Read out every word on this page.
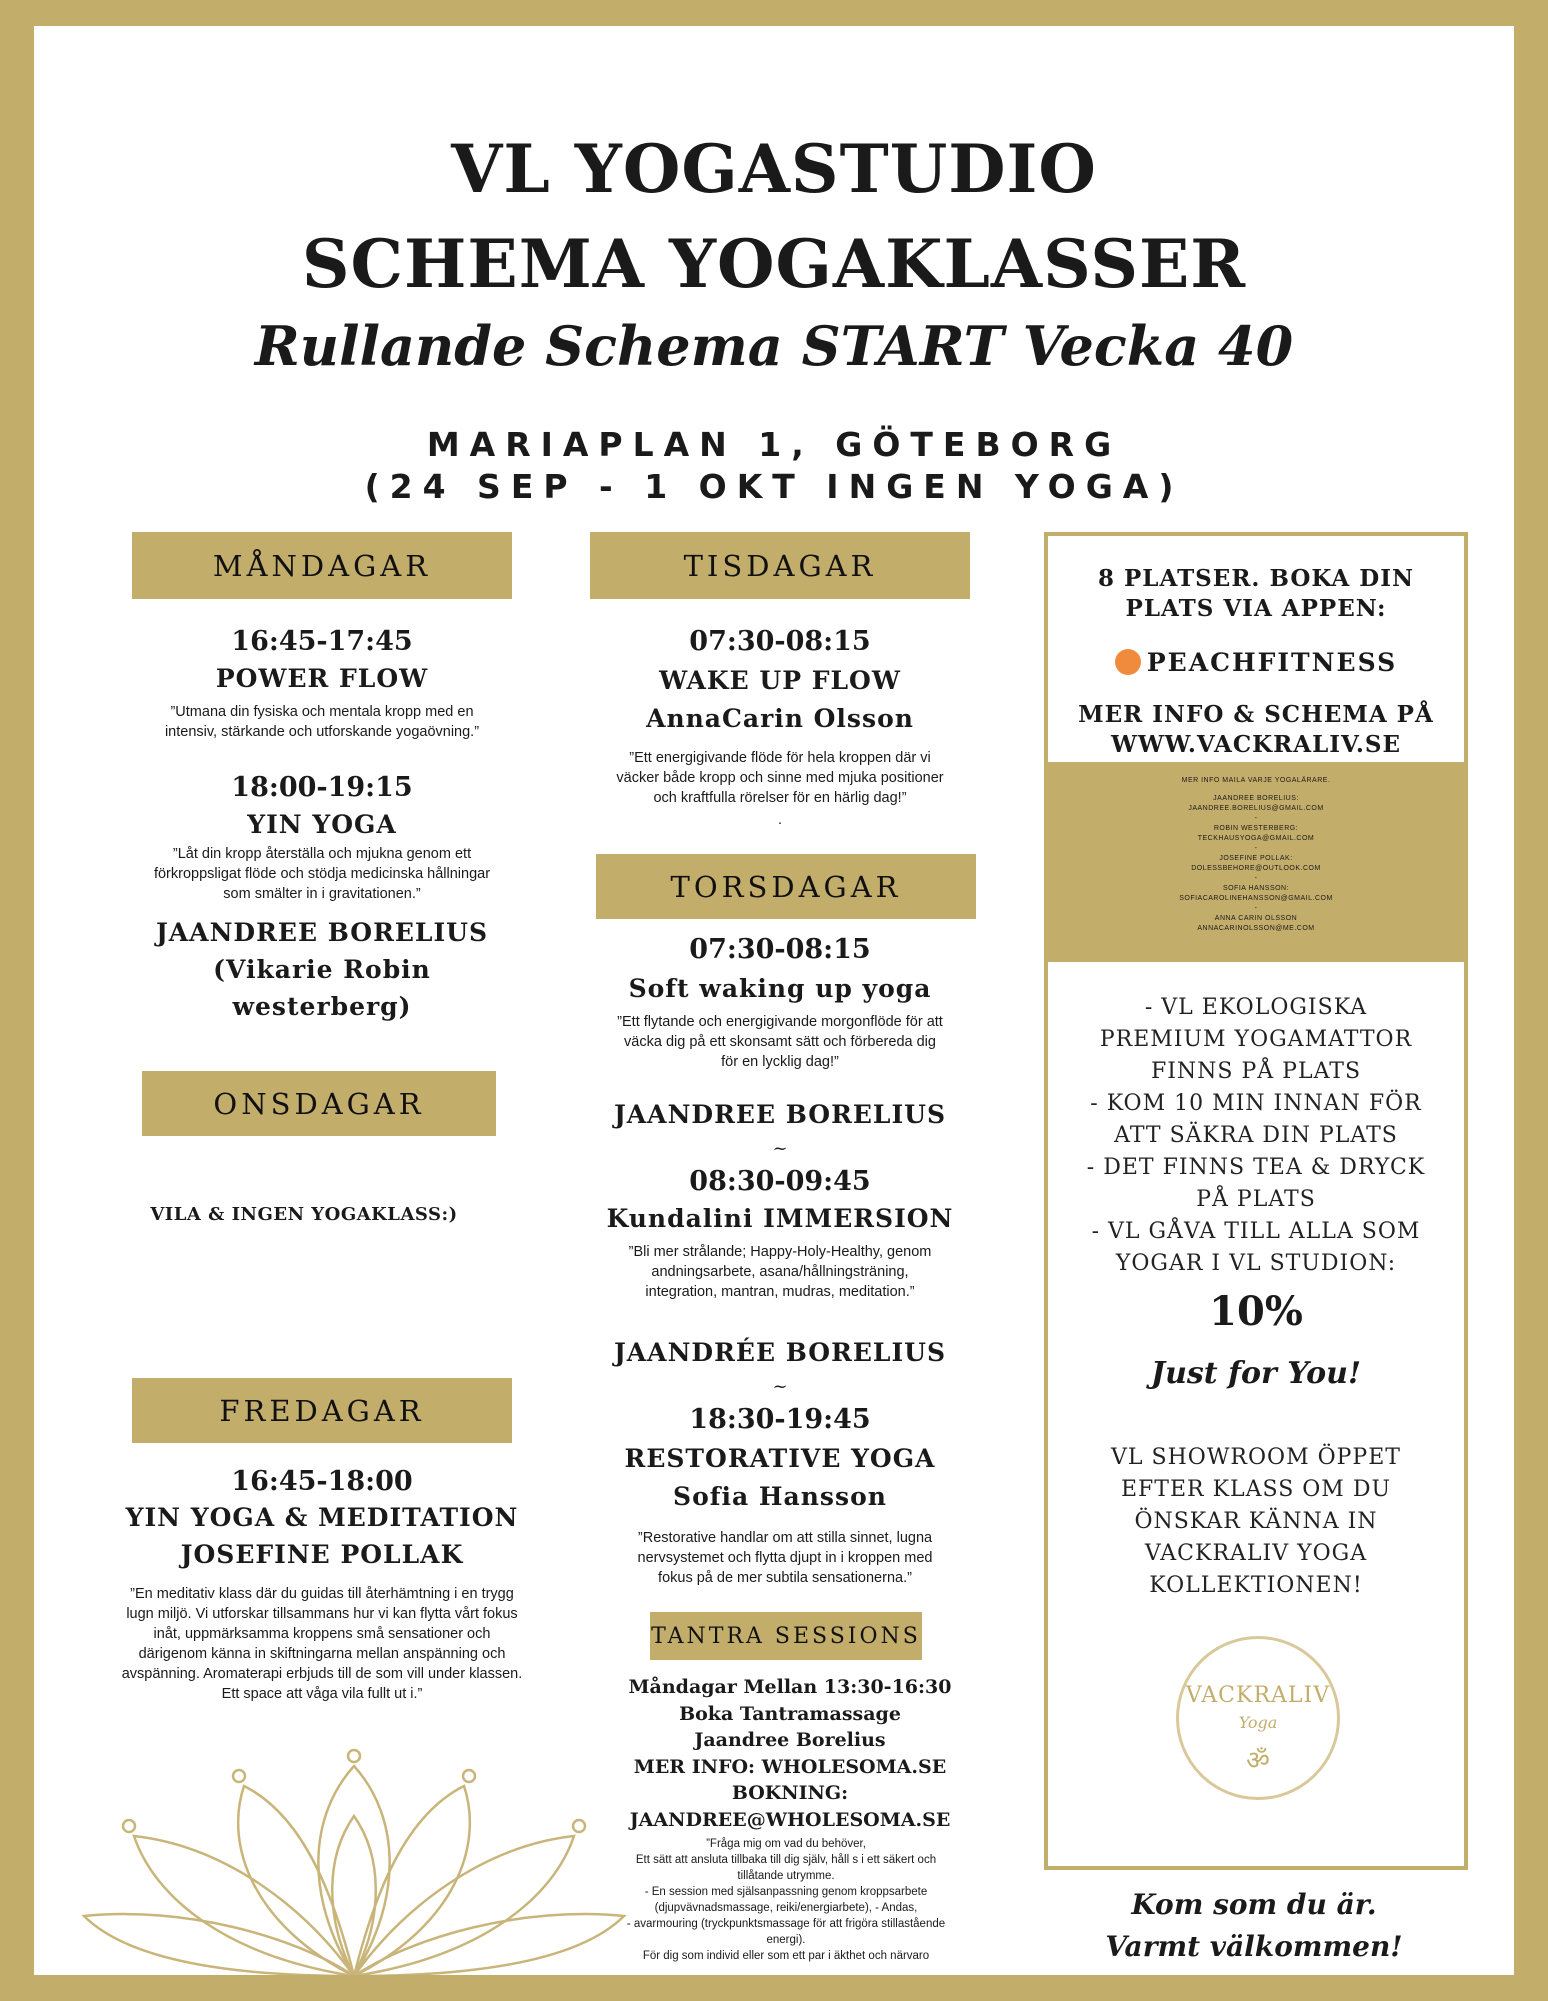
VL YOGASTUDIO
SCHEMA YOGAKLASSER
Rullande Schema START Vecka 40
MARIAPLAN 1, GÖTEBORG
(24 SEP - 1 OKT INGEN YOGA)
MÅNDAGAR
16:45-17:45
POWER FLOW
”Utmana din fysiska och mentala kropp med en intensiv, stärkande och utforskande yogaövning.”
18:00-19:15
YIN YOGA
”Låt din kropp återställa och mjukna genom ett förkroppsligat flöde och stödja medicinska hållningar som smälter in i gravitationen.”
JAANDREE BORELIUS
(Vikarie Robin
westerberg)
ONSDAGAR
VILA & INGEN YOGAKLASS:)
FREDAGAR
16:45-18:00
YIN YOGA & MEDITATION
JOSEFINE POLLAK
”En meditativ klass där du guidas till återhämtning i en trygg lugn miljö. Vi utforskar tillsammans hur vi kan flytta vårt fokus inåt, uppmärksamma kroppens små sensationer och därigenom känna in skiftningarna mellan anspänning och avspänning. Aromaterapi erbjuds till de som vill under klassen. Ett space att våga vila fullt ut i.”
TISDAGAR
07:30-08:15
WAKE UP FLOW
AnnaCarin Olsson
”Ett energigivande flöde för hela kroppen där vi väcker både kropp och sinne med mjuka positioner och kraftfulla rörelser för en härlig dag!”
.
TORSDAGAR
07:30-08:15
Soft waking up yoga
”Ett flytande och energigivande morgonflöde för att väcka dig på ett skonsamt sätt och förbereda dig för en lycklig dag!”
JAANDREE BORELIUS
~
08:30-09:45
Kundalini IMMERSION
”Bli mer strålande; Happy-Holy-Healthy, genom andningsarbete, asana/hållningsträning, integration, mantran, mudras, meditation.”
JAANDRÉE BORELIUS
~
18:30-19:45
RESTORATIVE YOGA
Sofia Hansson
”Restorative handlar om att stilla sinnet, lugna nervsystemet och flytta djupt in i kroppen med fokus på de mer subtila sensationerna.”
TANTRA SESSIONS
Måndagar Mellan 13:30-16:30
Boka Tantramassage
Jaandree Borelius
MER INFO: WHOLESOMA.SE
BOKNING:
JAANDREE@WHOLESOMA.SE
”Fråga mig om vad du behöver,
Ett sätt att ansluta tillbaka till dig själv, håll s i ett säkert och tillåtande utrymme.
- En session med själsanpassning genom kroppsarbete (djupvävnadsmassage, reiki/energiarbete), - Andas,
- avarmouring (tryckpunktsmassage för att frigöra stillastående energi).
För dig som individ eller som ett par i äkthet och närvaro
8 PLATSER. BOKA DIN
PLATS VIA APPEN:
PEACHFITNESS
MER INFO & SCHEMA PÅ
WWW.VACKRALIV.SE
MER INFO MAILA VARJE YOGALÄRARE.
JAANDREE BORELIUS:
JAANDREE.BORELIUS@GMAIL.COM
-
ROBIN WESTERBERG:
TECKHAUSYOGA@GMAIL.COM
-
JOSEFINE POLLAK:
DOLESSBEHORE@OUTLOOK.COM
-
SOFIA HANSSON:
SOFIACAROLINEHANSSON@GMAIL.COM
-
ANNA CARIN OLSSON
ANNACARINOLSSON@ME.COM
- VL EKOLOGISKA
PREMIUM YOGAMATTOR
FINNS PÅ PLATS
- KOM 10 MIN INNAN FÖR
ATT SÄKRA DIN PLATS
- DET FINNS TEA & DRYCK
PÅ PLATS
- VL GÅVA TILL ALLA SOM
YOGAR I VL STUDION:
10%
Just for You!
VL SHOWROOM ÖPPET
EFTER KLASS OM DU
ÖNSKAR KÄNNA IN
VACKRALIV YOGA
KOLLEKTIONEN!
VACKRALIV
Yoga
ॐ
Kom som du är.
Varmt välkommen!
